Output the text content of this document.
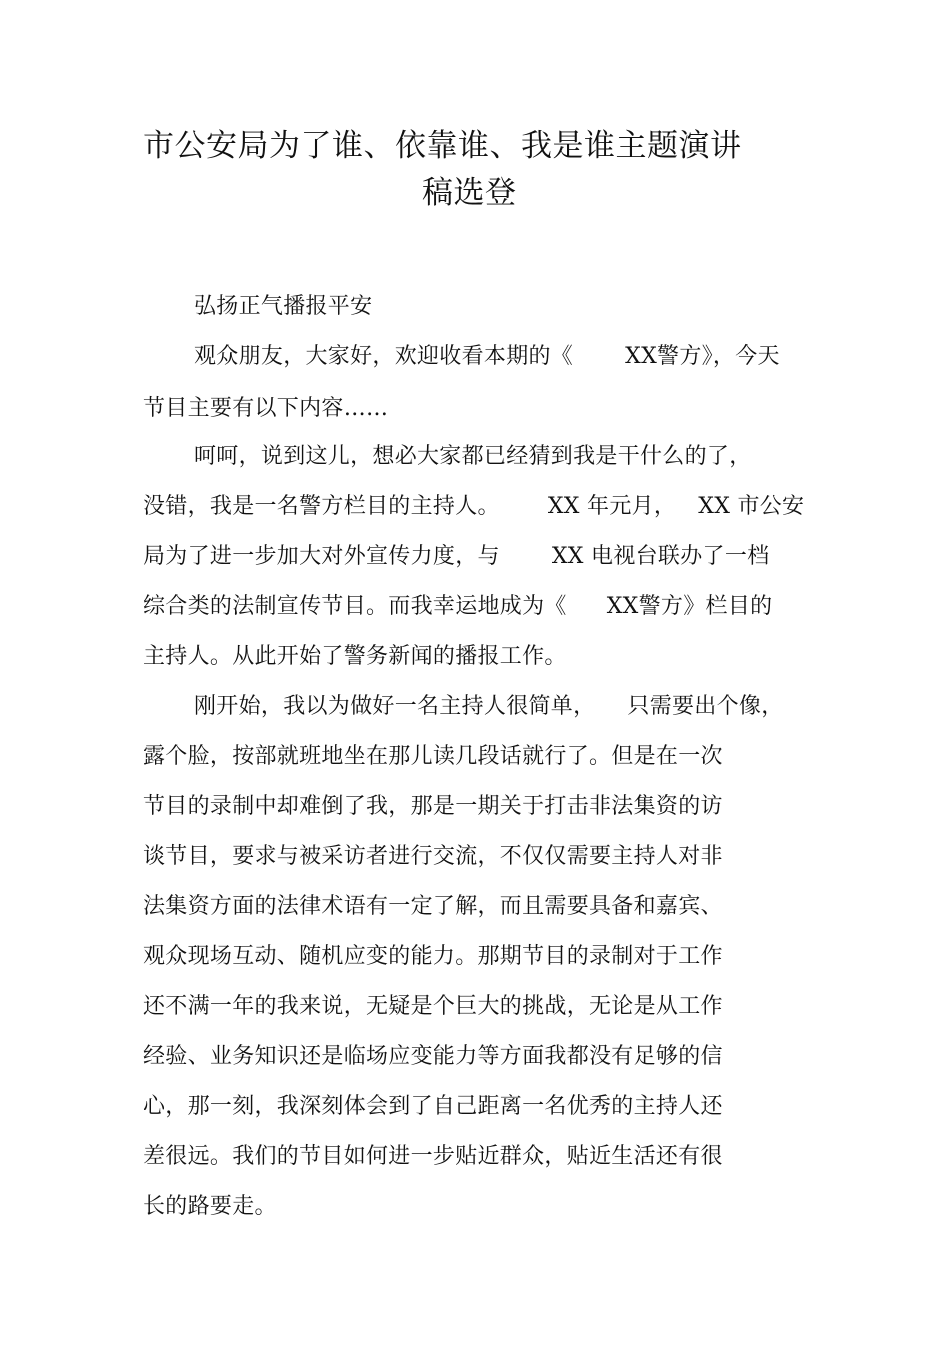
市公安局为了谁、依靠谁、我是谁主题演讲
稿选登
弘扬正气播报平安
观众朋友，大家好，欢迎收看本期的《 XX警方》，今天
节目主要有以下内容……
呵呵，说到这儿，想必大家都已经猜到我是干什么的了，
没错，我是一名警方栏目的主持人。 XX 年元月， XX 市公安
局为了进一步加大对外宣传力度，与 XX 电视台联办了一档
综合类的法制宣传节目。而我幸运地成为《 XX警方》栏目的
主持人。从此开始了警务新闻的播报工作。
刚开始，我以为做好一名主持人很简单， 只需要出个像，
露个脸，按部就班地坐在那儿读几段话就行了。但是在一次
节目的录制中却难倒了我，那是一期关于打击非法集资的访
谈节目，要求与被采访者进行交流，不仅仅需要主持人对非
法集资方面的法律术语有一定了解，而且需要具备和嘉宾、
观众现场互动、随机应变的能力。那期节目的录制对于工作
还不满一年的我来说，无疑是个巨大的挑战，无论是从工作
经验、业务知识还是临场应变能力等方面我都没有足够的信
心，那一刻，我深刻体会到了自己距离一名优秀的主持人还
差很远。我们的节目如何进一步贴近群众，贴近生活还有很
长的路要走。
